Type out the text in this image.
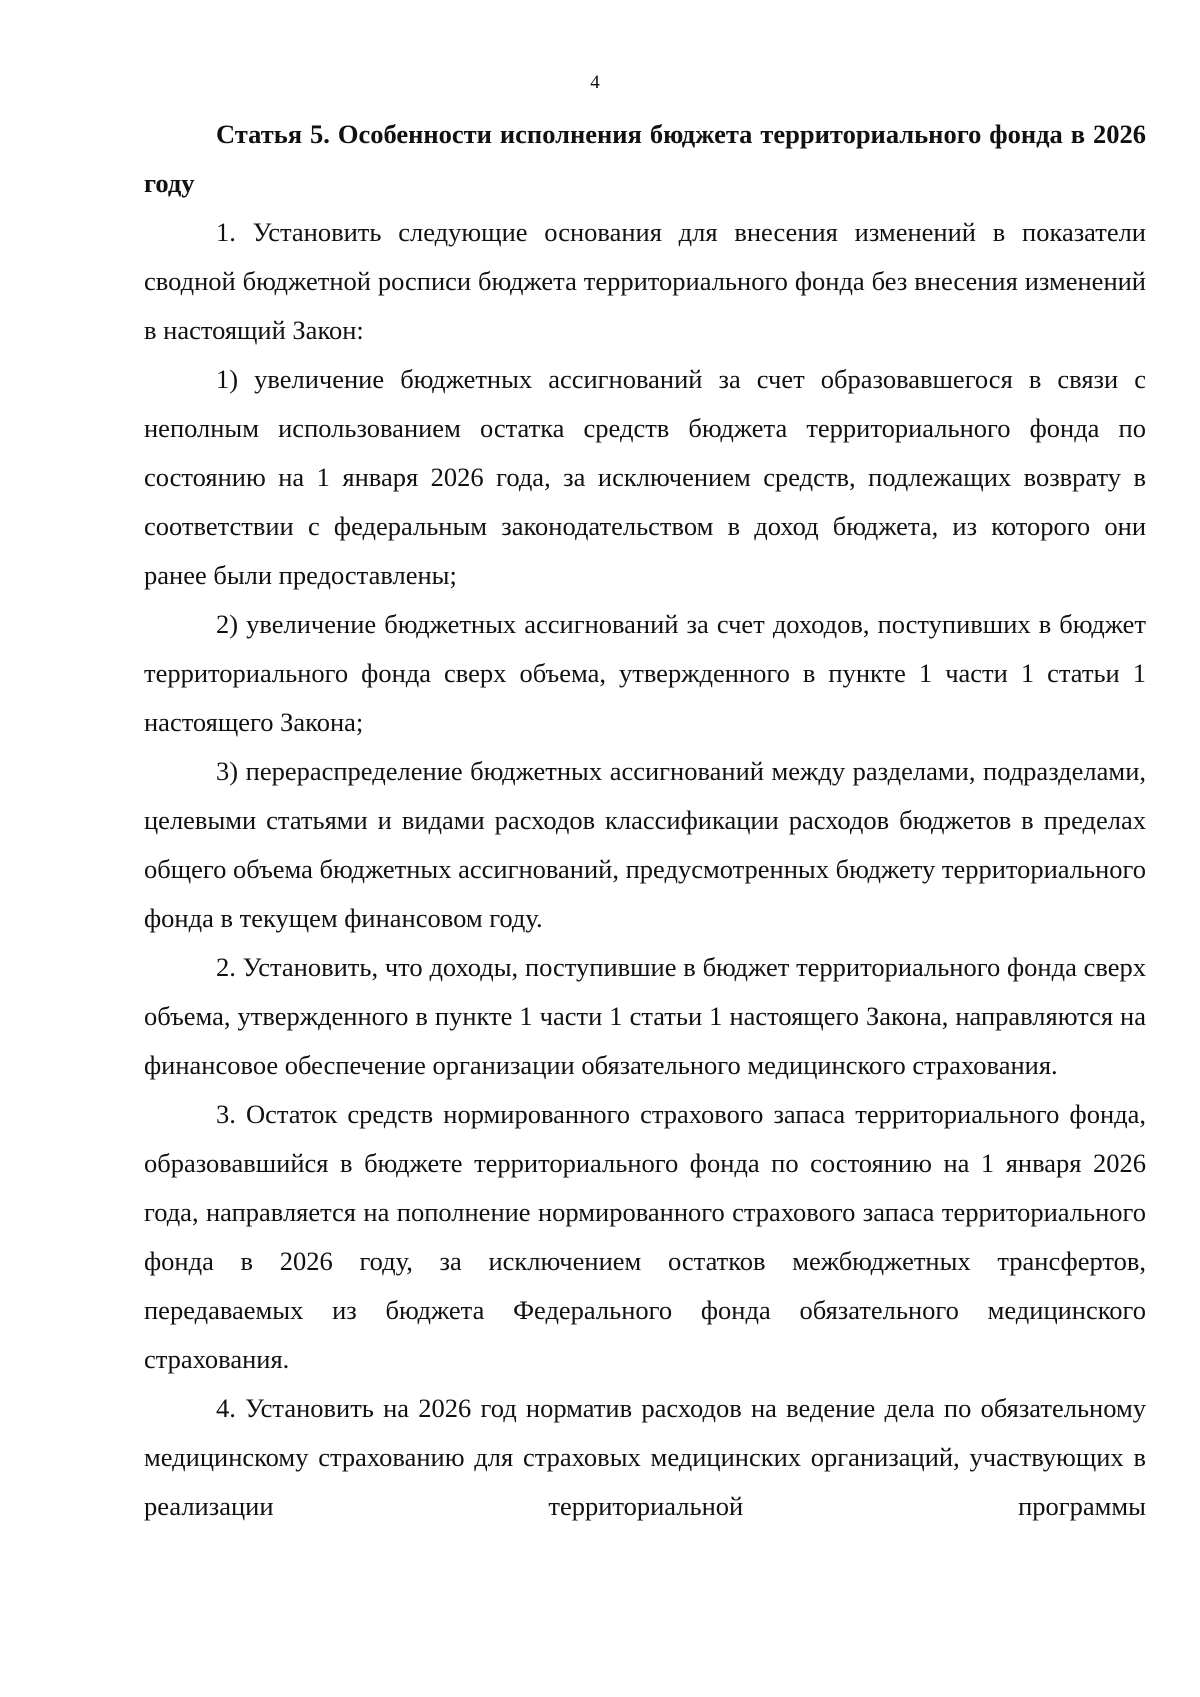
4

Статья 5. Особенности исполнения бюджета территориального фонда в 2026 году

1. Установить следующие основания для внесения изменений в показатели сводной бюджетной росписи бюджета территориального фонда без внесения изменений в настоящий Закон:

1) увеличение бюджетных ассигнований за счет образовавшегося в связи с неполным использованием остатка средств бюджета территориального фонда по состоянию на 1 января 2026 года, за исключением средств, подлежащих возврату в соответствии с федеральным законодательством в доход бюджета, из которого они ранее были предоставлены;

2) увеличение бюджетных ассигнований за счет доходов, поступивших в бюджет территориального фонда сверх объема, утвержденного в пункте 1 части 1 статьи 1 настоящего Закона;

3) перераспределение бюджетных ассигнований между разделами, подразделами, целевыми статьями и видами расходов классификации расходов бюджетов в пределах общего объема бюджетных ассигнований, предусмотренных бюджету территориального фонда в текущем финансовом году.

2. Установить, что доходы, поступившие в бюджет территориального фонда сверх объема, утвержденного в пункте 1 части 1 статьи 1 настоящего Закона, направляются на финансовое обеспечение организации обязательного медицинского страхования.

3. Остаток средств нормированного страхового запаса территориального фонда, образовавшийся в бюджете территориального фонда по состоянию на 1 января 2026 года, направляется на пополнение нормированного страхового запаса территориального фонда в 2026 году, за исключением остатков межбюджетных трансфертов, передаваемых из бюджета Федерального фонда обязательного медицинского страхования.

4. Установить на 2026 год норматив расходов на ведение дела по обязательному медицинскому страхованию для страховых медицинских организаций, участвующих в реализации территориальной программы
